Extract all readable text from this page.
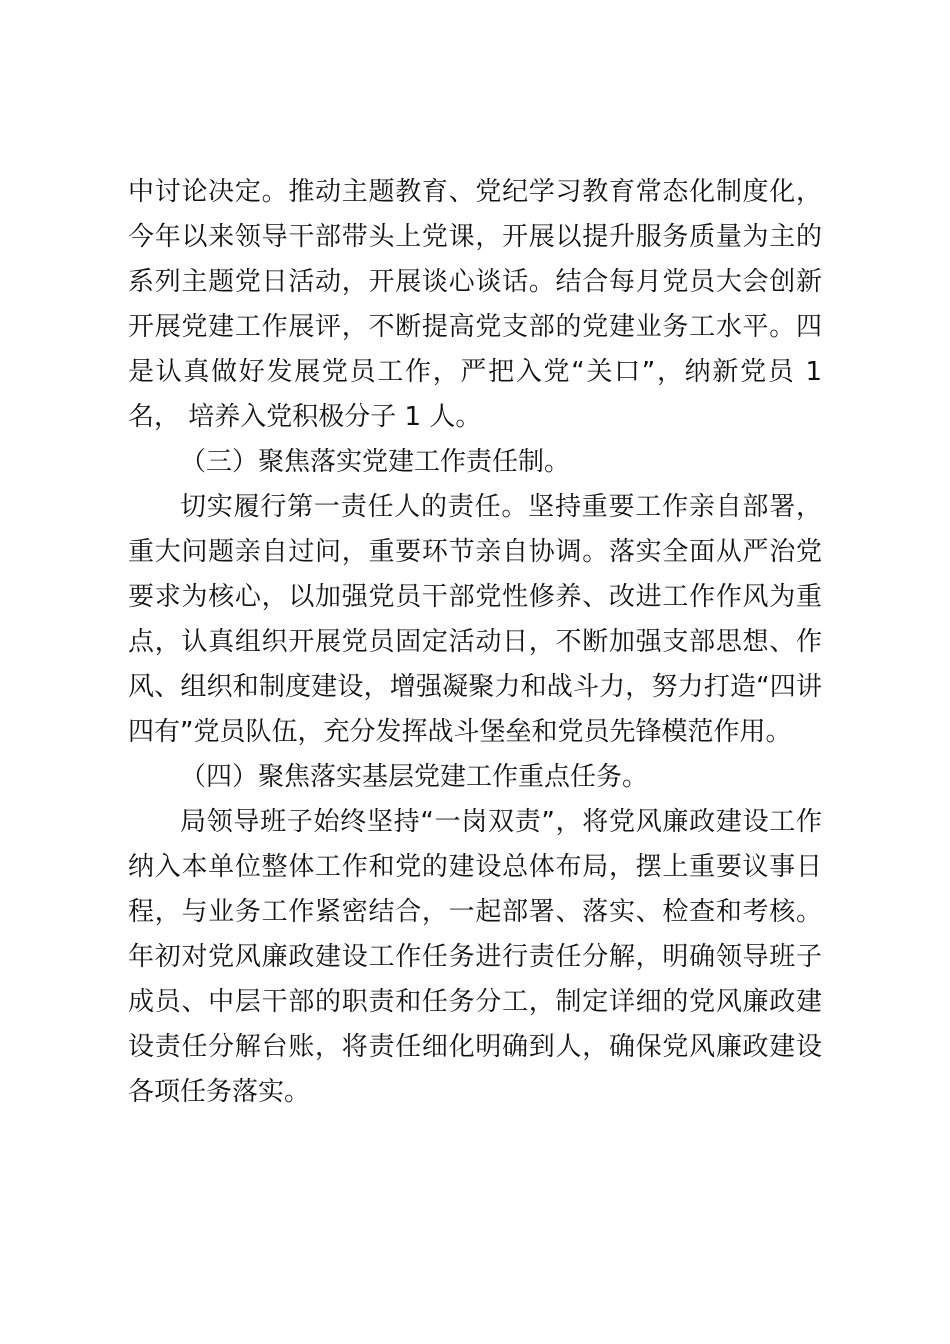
中讨论决定。推动主题教育、党纪学习教育常态化制度化，今年以来领导干部带头上党课，开展以提升服务质量为主的系列主题党日活动，开展谈心谈话。结合每月党员大会创新开展党建工作展评，不断提高党支部的党建业务工水平。四是认真做好发展党员工作，严把入党“关口”，纳新党员 1 名， 培养入党积极分子 1 人。

（三）聚焦落实党建工作责任制。

切实履行第一责任人的责任。坚持重要工作亲自部署，重大问题亲自过问，重要环节亲自协调。落实全面从严治党要求为核心，以加强党员干部党性修养、改进工作作风为重点，认真组织开展党员固定活动日，不断加强支部思想、作风、组织和制度建设，增强凝聚力和战斗力，努力打造“四讲四有”党员队伍，充分发挥战斗堡垒和党员先锋模范作用。

（四）聚焦落实基层党建工作重点任务。

局领导班子始终坚持“一岗双责”，将党风廉政建设工作纳入本单位整体工作和党的建设总体布局，摆上重要议事日程，与业务工作紧密结合，一起部署、落实、检查和考核。年初对党风廉政建设工作任务进行责任分解，明确领导班子成员、中层干部的职责和任务分工，制定详细的党风廉政建设责任分解台账，将责任细化明确到人，确保党风廉政建设各项任务落实。
